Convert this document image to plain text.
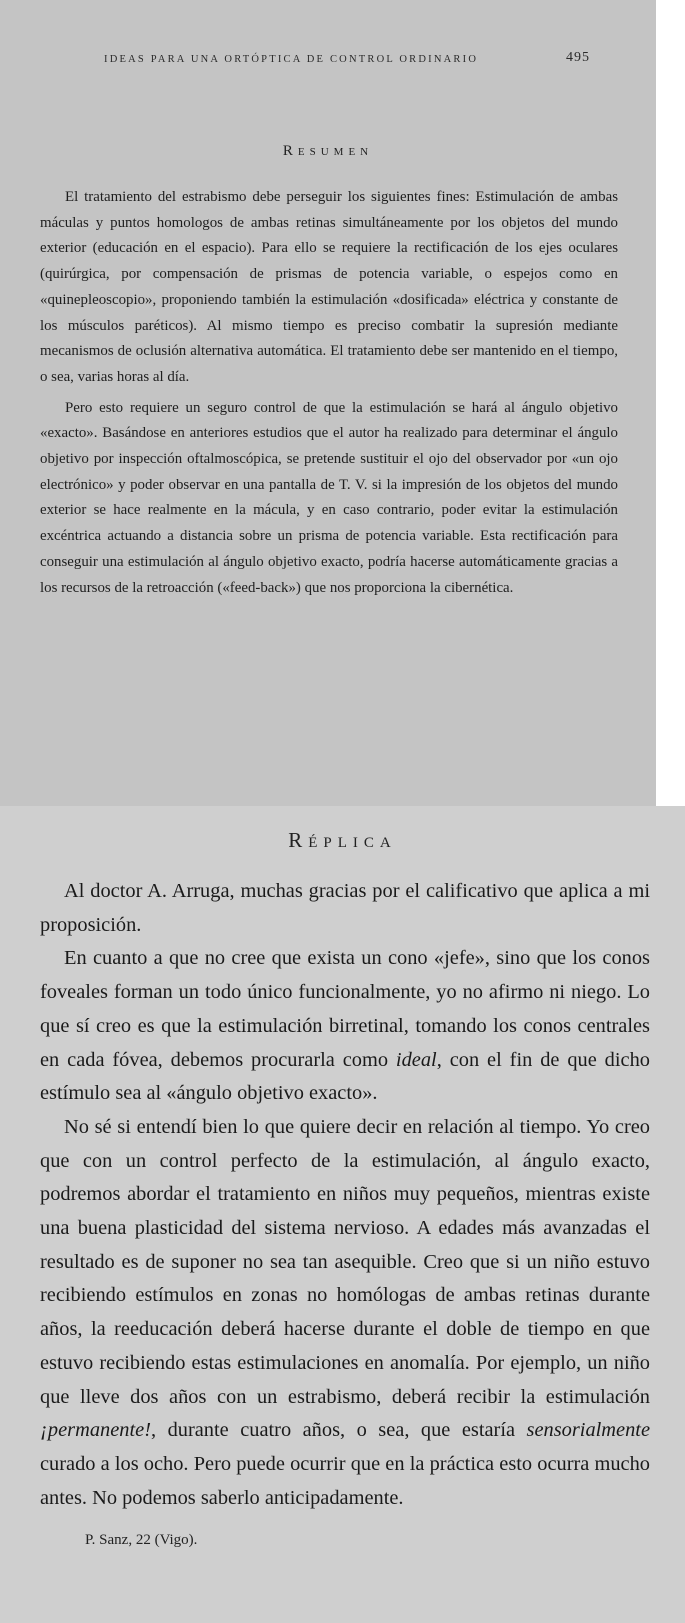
IDEAS PARA UNA ORTÓPTICA DE CONTROL ORDINARIO	495
Resumen

El tratamiento del estrabismo debe perseguir los siguientes fines: Estimulación de ambas máculas y puntos homologos de ambas retinas simultáneamente por los objetos del mundo exterior (educación en el espacio). Para ello se requiere la rectificación de los ejes oculares (quirúrgica, por compensación de prismas de potencia variable, o espejos como en «quinepleoscopio», proponiendo también la estimulación «dosificada» eléctrica y constante de los músculos paréticos). Al mismo tiempo es preciso combatir la supresión mediante mecanismos de oclusión alternativa automática. El tratamiento debe ser mantenido en el tiempo, o sea, varias horas al día.

Pero esto requiere un seguro control de que la estimulación se hará al ángulo objetivo «exacto». Basándose en anteriores estudios que el autor ha realizado para determinar el ángulo objetivo por inspección oftalmoscópica, se pretende sustituir el ojo del observador por «un ojo electrónico» y poder observar en una pantalla de T. V. si la impresión de los objetos del mundo exterior se hace realmente en la mácula, y en caso contrario, poder evitar la estimulación excéntrica actuando a distancia sobre un prisma de potencia variable. Esta rectificación para conseguir una estimulación al ángulo objetivo exacto, podría hacerse automáticamente gracias a los recursos de la retroacción («feed-back») que nos proporciona la cibernética.

Réplica

Al doctor A. Arruga, muchas gracias por el calificativo que aplica a mi proposición.

En cuanto a que no cree que exista un cono «jefe», sino que los conos foveales forman un todo único funcionalmente, yo no afirmo ni niego. Lo que sí creo es que la estimulación birretinal, tomando los conos centrales en cada fóvea, debemos procurarla como ideal, con el fin de que dicho estímulo sea al «ángulo objetivo exacto».

No sé si entendí bien lo que quiere decir en relación al tiempo. Yo creo que con un control perfecto de la estimulación, al ángulo exacto, podremos abordar el tratamiento en niños muy pequeños, mientras existe una buena plasticidad del sistema nervioso. A edades más avanzadas el resultado es de suponer no sea tan asequible. Creo que si un niño estuvo recibiendo estímulos en zonas no homólogas de ambas retinas durante años, la reeducación deberá hacerse durante el doble de tiempo en que estuvo recibiendo estas estimulaciones en anomalía. Por ejemplo, un niño que lleve dos años con un estrabismo, deberá recibir la estimulación ¡permanente!, durante cuatro años, o sea, que estaría sensorialmente curado a los ocho. Pero puede ocurrir que en la práctica esto ocurra mucho antes. No podemos saberlo anticipadamente.

P. Sanz, 22 (Vigo).
